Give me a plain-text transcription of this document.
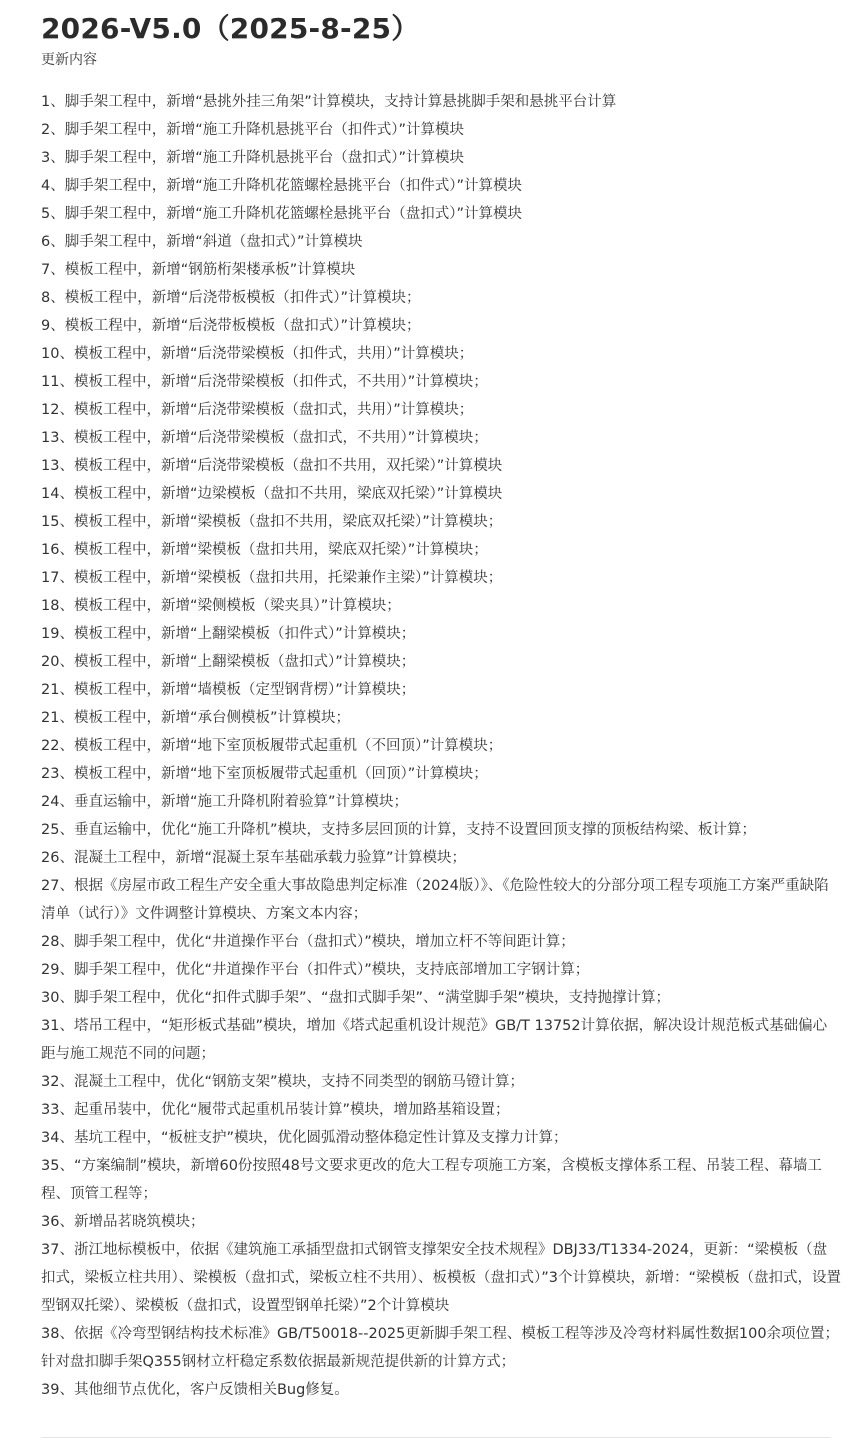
2026-V5.0（2025-8-25）
更新内容
1、脚手架工程中，新增“悬挑外挂三角架”计算模块，支持计算悬挑脚手架和悬挑平台计算
2、脚手架工程中，新增“施工升降机悬挑平台（扣件式）”计算模块
3、脚手架工程中，新增“施工升降机悬挑平台（盘扣式）”计算模块
4、脚手架工程中，新增“施工升降机花篮螺栓悬挑平台（扣件式）”计算模块
5、脚手架工程中，新增“施工升降机花篮螺栓悬挑平台（盘扣式）”计算模块
6、脚手架工程中，新增“斜道（盘扣式）”计算模块
7、模板工程中，新增“钢筋桁架楼承板”计算模块
8、模板工程中，新增“后浇带板模板（扣件式）”计算模块；
9、模板工程中，新增“后浇带板模板（盘扣式）”计算模块；
10、模板工程中，新增“后浇带梁模板（扣件式，共用）”计算模块；
11、模板工程中，新增“后浇带梁模板（扣件式，不共用）”计算模块；
12、模板工程中，新增“后浇带梁模板（盘扣式，共用）”计算模块；
13、模板工程中，新增“后浇带梁模板（盘扣式，不共用）”计算模块；
13、模板工程中，新增“后浇带梁模板（盘扣不共用，双托梁）”计算模块
14、模板工程中，新增“边梁模板（盘扣不共用，梁底双托梁）”计算模块
15、模板工程中，新增“梁模板（盘扣不共用，梁底双托梁）”计算模块；
16、模板工程中，新增“梁模板（盘扣共用，梁底双托梁）”计算模块；
17、模板工程中，新增“梁模板（盘扣共用，托梁兼作主梁）”计算模块；
18、模板工程中，新增“梁侧模板（梁夹具）”计算模块；
19、模板工程中，新增“上翻梁模板（扣件式）”计算模块；
20、模板工程中，新增“上翻梁模板（盘扣式）”计算模块；
21、模板工程中，新增“墙模板（定型钢背楞）”计算模块；
21、模板工程中，新增“承台侧模板”计算模块；
22、模板工程中，新增“地下室顶板履带式起重机（不回顶）”计算模块；
23、模板工程中，新增“地下室顶板履带式起重机（回顶）”计算模块；
24、垂直运输中，新增“施工升降机附着验算”计算模块；
25、垂直运输中，优化“施工升降机”模块，支持多层回顶的计算，支持不设置回顶支撑的顶板结构梁、板计算；
26、混凝土工程中，新增“混凝土泵车基础承载力验算”计算模块；
27、根据《房屋市政工程生产安全重大事故隐患判定标准（2024版）》、《危险性较大的分部分项工程专项施工方案严重缺陷清单（试行）》文件调整计算模块、方案文本内容；
28、脚手架工程中，优化“井道操作平台（盘扣式）”模块，增加立杆不等间距计算；
29、脚手架工程中，优化“井道操作平台（扣件式）”模块，支持底部增加工字钢计算；
30、脚手架工程中，优化“扣件式脚手架”、“盘扣式脚手架”、“满堂脚手架”模块，支持抛撑计算；
31、塔吊工程中，“矩形板式基础”模块，增加《塔式起重机设计规范》GB/T 13752计算依据，解决设计规范板式基础偏心距与施工规范不同的问题；
32、混凝土工程中，优化“钢筋支架”模块，支持不同类型的钢筋马镫计算；
33、起重吊装中，优化“履带式起重机吊装计算”模块，增加路基箱设置；
34、基坑工程中，“板桩支护”模块，优化圆弧滑动整体稳定性计算及支撑力计算；
35、“方案编制”模块，新增60份按照48号文要求更改的危大工程专项施工方案，含模板支撑体系工程、吊装工程、幕墙工程、顶管工程等；
36、新增品茗晓筑模块；
37、浙江地标模板中，依据《建筑施工承插型盘扣式钢管支撑架安全技术规程》DBJ33/T1334-2024，更新：“梁模板（盘扣式，梁板立柱共用）、梁模板（盘扣式，梁板立柱不共用）、板模板（盘扣式）”3个计算模块，新增：“梁模板（盘扣式，设置型钢双托梁）、梁模板（盘扣式，设置型钢单托梁）”2个计算模块
38、依据《冷弯型钢结构技术标准》GB/T50018--2025更新脚手架工程、模板工程等涉及冷弯材料属性数据100余项位置；针对盘扣脚手架Q355钢材立杆稳定系数依据最新规范提供新的计算方式；
39、其他细节点优化，客户反馈相关Bug修复。
